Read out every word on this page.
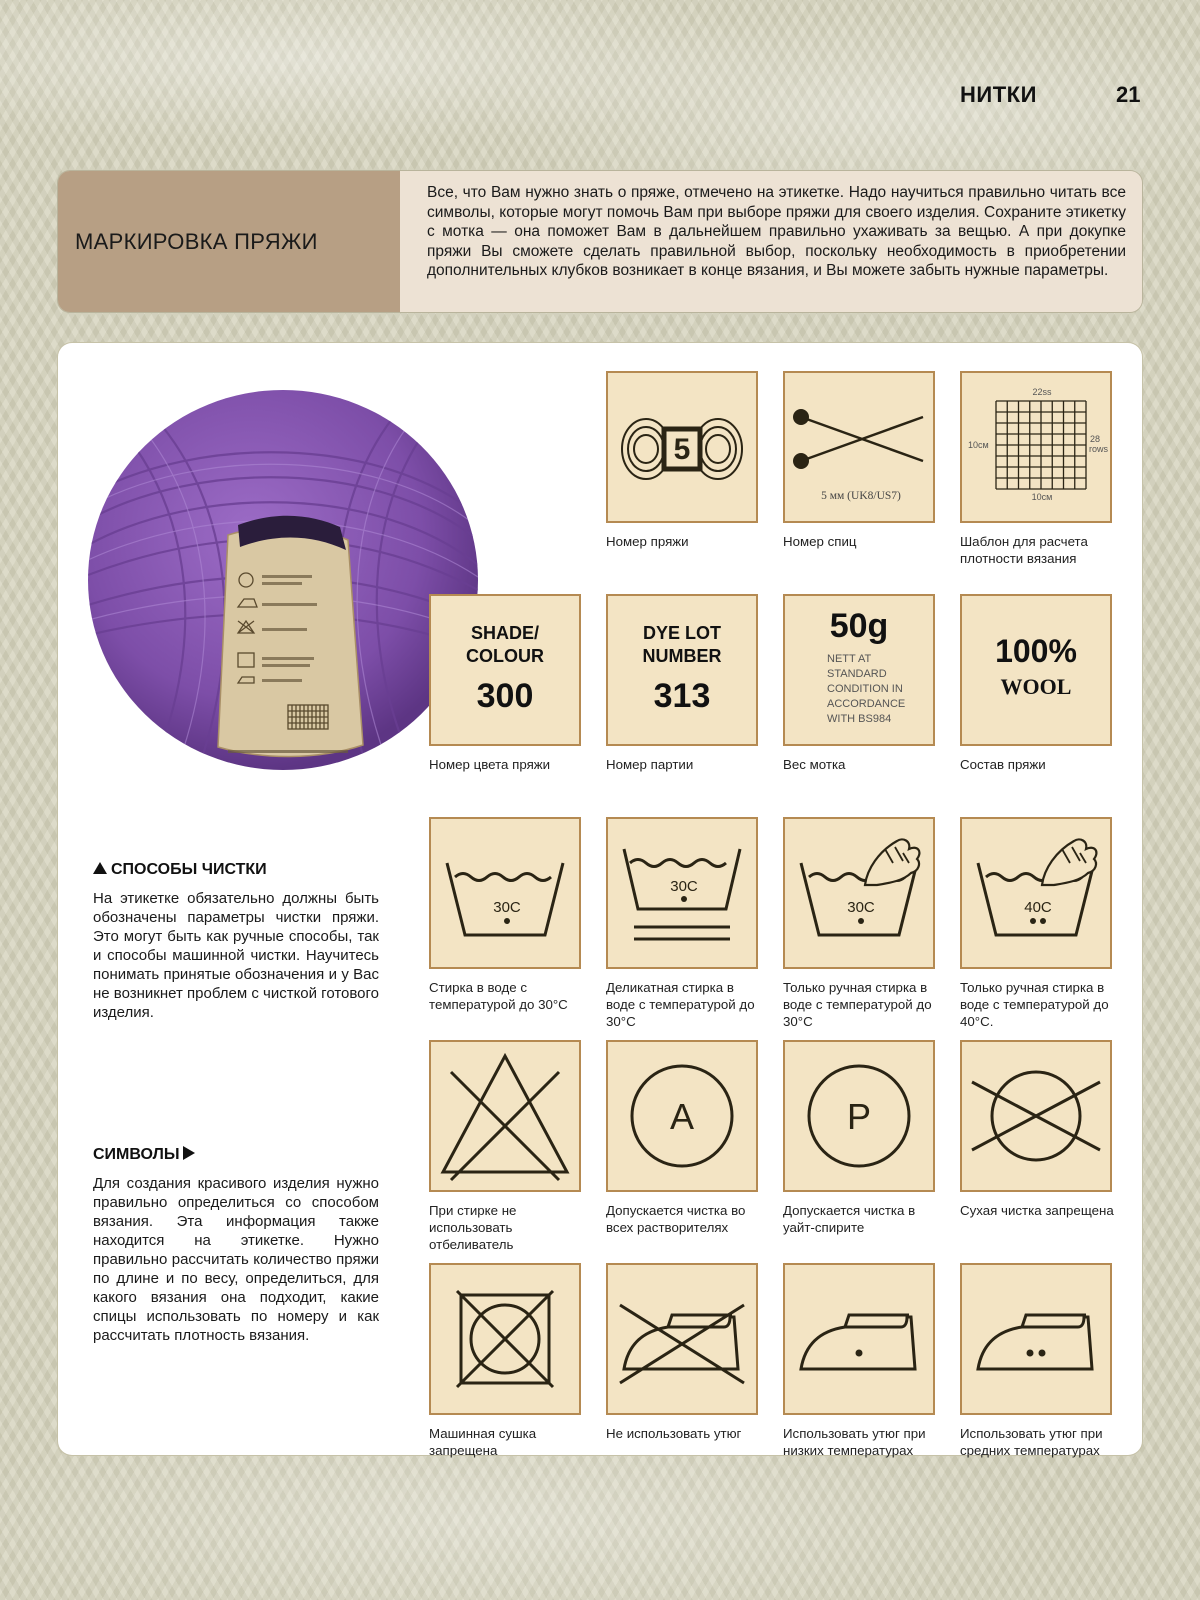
НИТКИ	21
МАРКИРОВКА ПРЯЖИ

Все, что Вам нужно знать о пряже, отмечено на этикетке. Надо научиться правильно читать все символы, которые могут помочь Вам при выборе пряжи для своего изделия. Сохраните этикетку с мотка — она поможет Вам в дальнейшем правильно ухаживать за вещью. А при докупке пряжи Вы сможете сделать правильной выбор, поскольку необходимость в приобретении дополнительных клубков возникает в конце вязания, и Вы можете забыть нужные параметры.

5
Номер пряжи
5 мм (UK8/US7)
Номер спиц
22ss
10см
28
rows
10см
Шаблон для расчета плотности вязания
SHADE/
COLOUR
300
Номер цвета пряжи
DYE LOT
NUMBER
313
Номер партии
50g
NETT AT
STANDARD
CONDITION IN
ACCORDANCE
WITH BS984
Вес мотка
100%
WOOL
Состав пряжи
30C
Стирка в воде с температурой до 30°С
30C
Деликатная стирка в воде с температурой до 30°С
30C
Только ручная стирка в воде с температурой до 30°С
40C
Только ручная стирка в воде с температурой до 40°С.
При стирке не использовать отбеливатель
A
Допускается чистка во всех растворителях
P
Допускается чистка в уайт-спирите
Сухая чистка запрещена
Машинная сушка запрещена
Не использовать утюг	Использовать утюг при низких температурах
Использовать утюг при средних температурах
СПОСОБЫ ЧИСТКИ

На этикетке обязательно должны быть обозначены параметры чистки пряжи. Это могут быть как ручные способы, так и способы машинной чистки. Научитесь понимать принятые обозначения и у Вас не возникнет проблем с чисткой готового изделия.

СИМВОЛЫ

Для создания красивого изделия нужно правильно определиться со способом вязания. Эта информация также находится на этикетке. Нужно правильно рассчитать количество пряжи по длине и по весу, определиться, для какого вязания она подходит, какие спицы использовать по номеру и как рассчитать плотность вязания.
